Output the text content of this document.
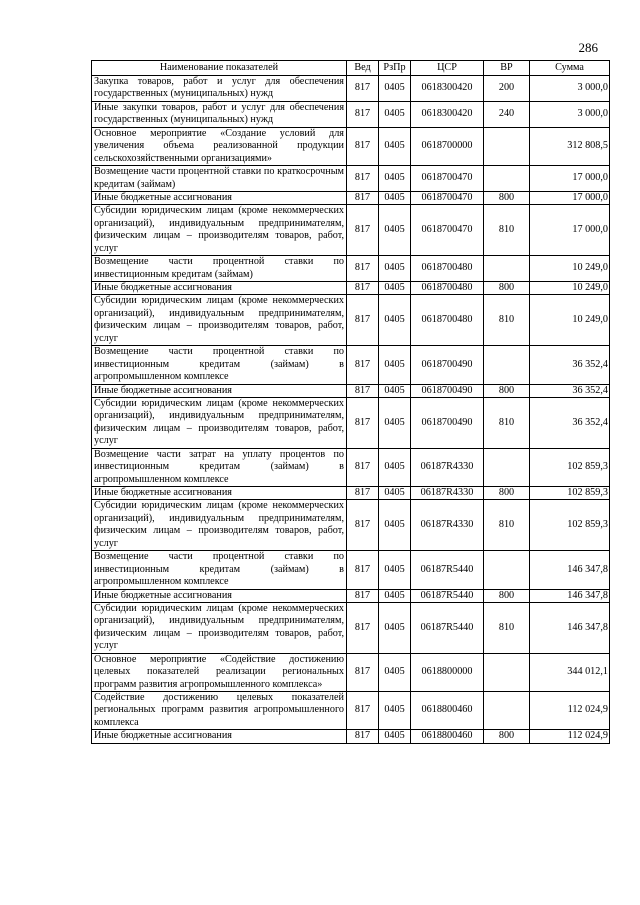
286
Наименование показателей	Вед	РзПр	ЦСР	ВР	Сумма
Закупка товаров, работ и услуг для обеспечения государственных (муниципальных) нужд	817	0405	0618300420	200	3 000,0
Иные закупки товаров, работ и услуг для обеспечения государственных (муниципальных) нужд	817	0405	0618300420	240	3 000,0
Основное мероприятие «Создание условий для увеличения объема реализованной продукции сельскохозяйственными организациями»	817	0405	0618700000		312 808,5
Возмещение части процентной ставки по краткосрочным кредитам (займам)	817	0405	0618700470		17 000,0
Иные бюджетные ассигнования	817	0405	0618700470	800	17 000,0
Субсидии юридическим лицам (кроме некоммерческих организаций), индивидуальным предпринимателям, физическим лицам – производителям товаров, работ, услуг	817	0405	0618700470	810	17 000,0
Возмещение части процентной ставки по инвестиционным кредитам (займам)	817	0405	0618700480		10 249,0
Иные бюджетные ассигнования	817	0405	0618700480	800	10 249,0
Субсидии юридическим лицам (кроме некоммерческих организаций), индивидуальным предпринимателям, физическим лицам – производителям товаров, работ, услуг	817	0405	0618700480	810	10 249,0
Возмещение части процентной ставки по инвестиционным кредитам (займам) в агропромышленном комплексе	817	0405	0618700490		36 352,4
Иные бюджетные ассигнования	817	0405	0618700490	800	36 352,4
Субсидии юридическим лицам (кроме некоммерческих организаций), индивидуальным предпринимателям, физическим лицам – производителям товаров, работ, услуг	817	0405	0618700490	810	36 352,4
Возмещение части затрат на уплату процентов по инвестиционным кредитам (займам) в агропромышленном комплексе	817	0405	06187R4330		102 859,3
Иные бюджетные ассигнования	817	0405	06187R4330	800	102 859,3
Субсидии юридическим лицам (кроме некоммерческих организаций), индивидуальным предпринимателям, физическим лицам – производителям товаров, работ, услуг	817	0405	06187R4330	810	102 859,3
Возмещение части процентной ставки по инвестиционным кредитам (займам) в агропромышленном комплексе	817	0405	06187R5440		146 347,8
Иные бюджетные ассигнования	817	0405	06187R5440	800	146 347,8
Субсидии юридическим лицам (кроме некоммерческих организаций), индивидуальным предпринимателям, физическим лицам – производителям товаров, работ, услуг	817	0405	06187R5440	810	146 347,8
Основное мероприятие «Содействие достижению целевых показателей реализации региональных программ развития агропромышленного комплекса»	817	0405	0618800000		344 012,1
Содействие достижению целевых показателей региональных программ развития агропромышленного комплекса	817	0405	0618800460		112 024,9
Иные бюджетные ассигнования	817	0405	0618800460	800	112 024,9
